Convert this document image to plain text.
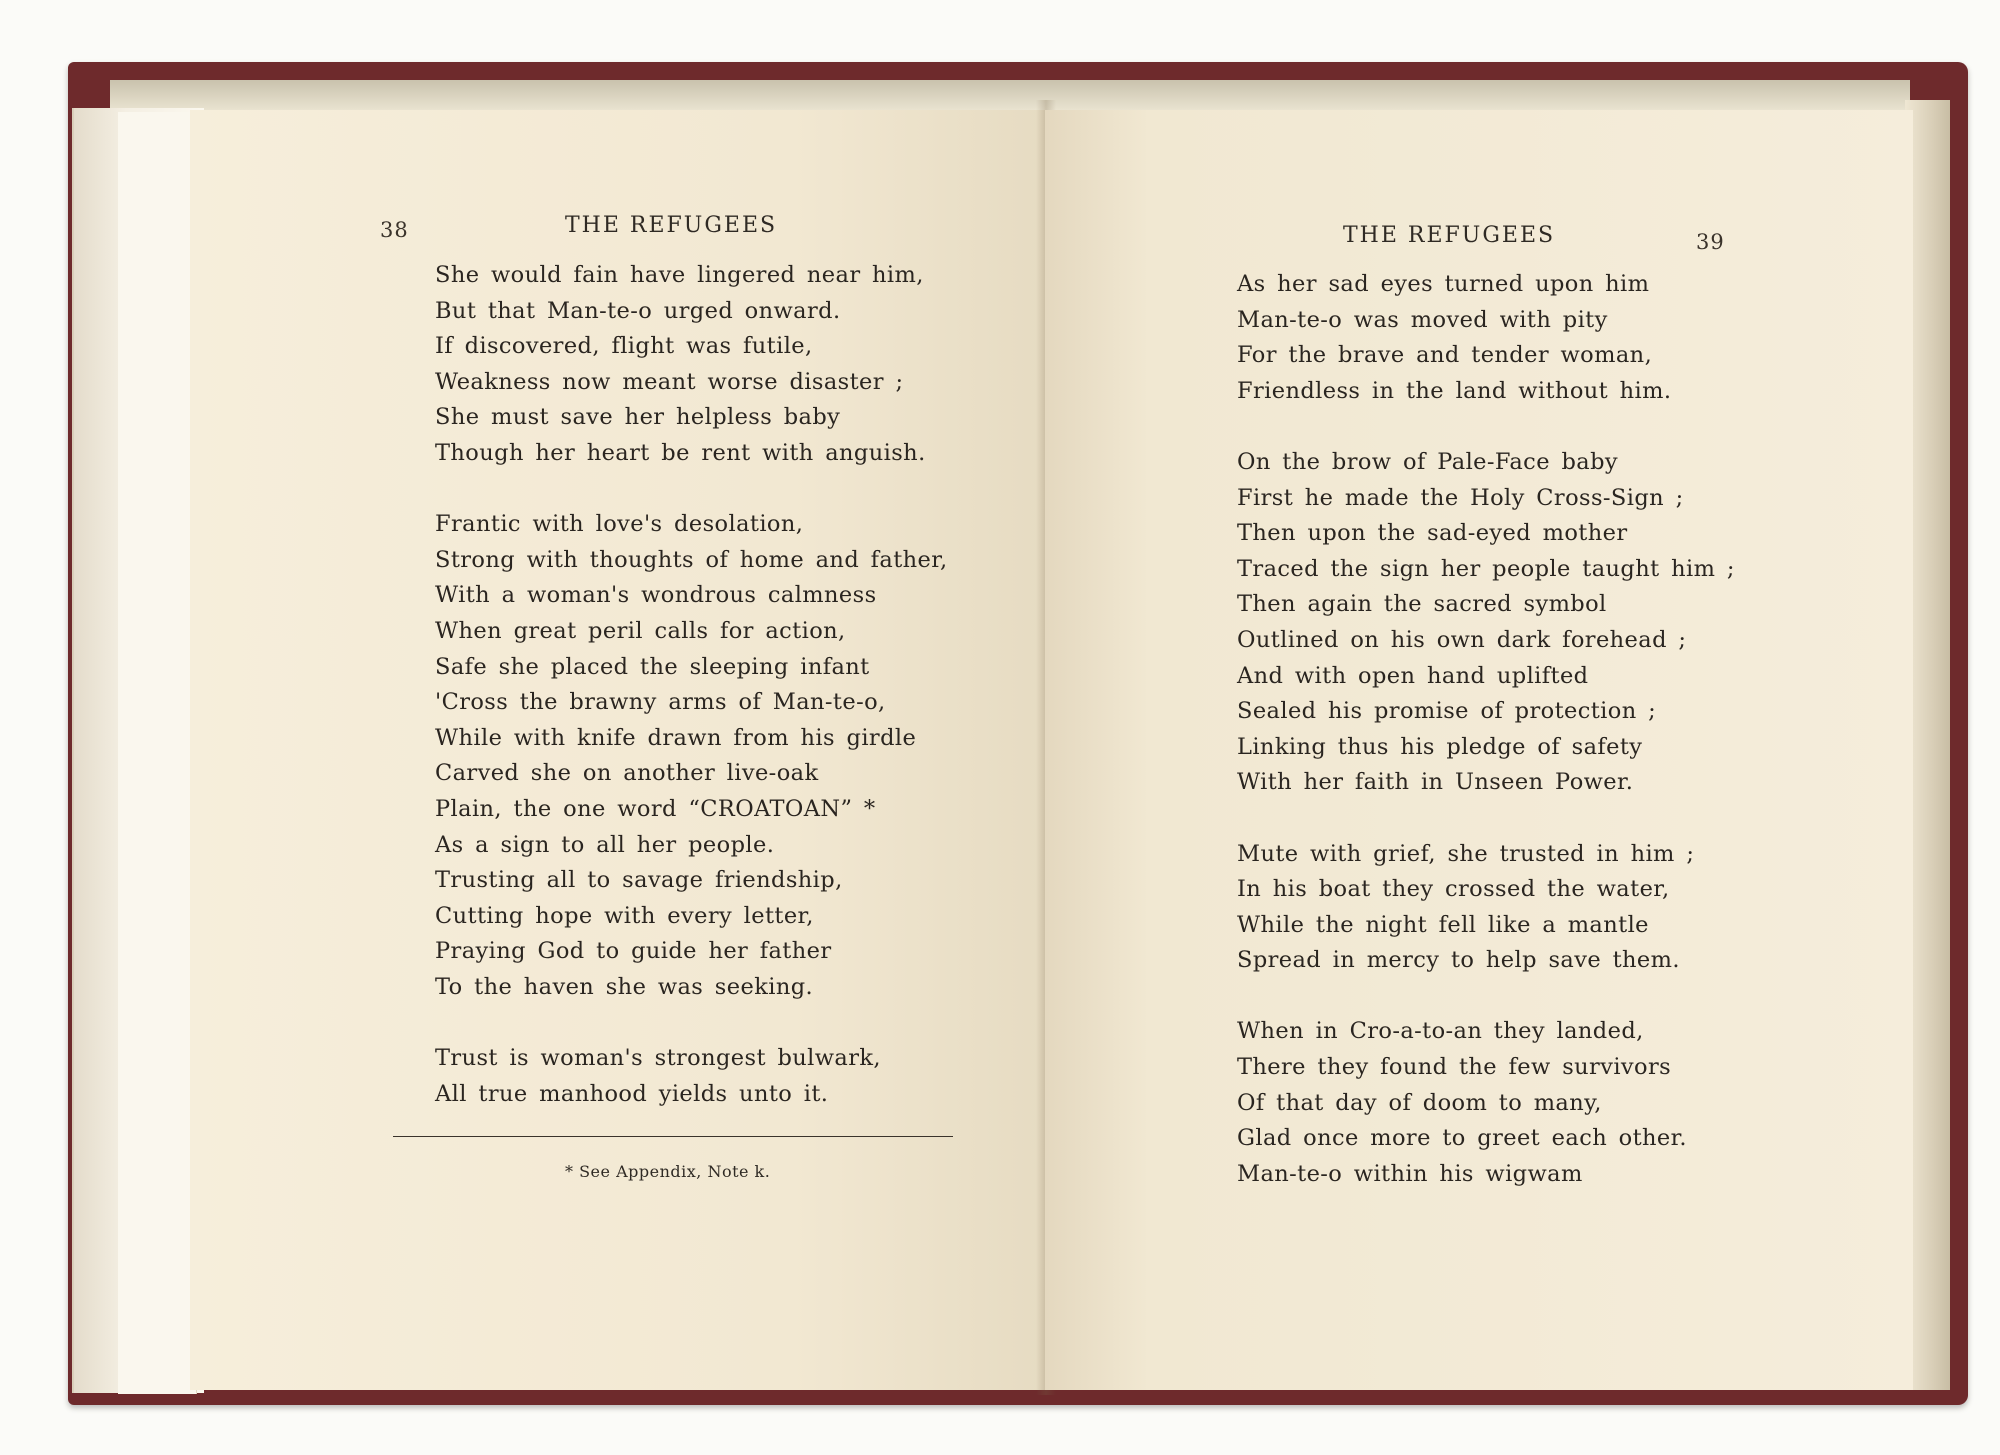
38	THE REFUGEES
She would fain have lingered near him,
But that Man-te-o urged onward.
If discovered, flight was futile,
Weakness now meant worse disaster ;
She must save her helpless baby
Though her heart be rent with anguish.
Frantic with love's desolation,
Strong with thoughts of home and father,
With a woman's wondrous calmness
When great peril calls for action,
Safe she placed the sleeping infant
'Cross the brawny arms of Man-te-o,
While with knife drawn from his girdle
Carved she on another live-oak
Plain, the one word “CROATOAN” *
As a sign to all her people.
Trusting all to savage friendship,
Cutting hope with every letter,
Praying God to guide her father
To the haven she was seeking.
Trust is woman's strongest bulwark,
All true manhood yields unto it.
* See Appendix, Note k.
THE REFUGEES	39
As her sad eyes turned upon him
Man-te-o was moved with pity
For the brave and tender woman,
Friendless in the land without him.
On the brow of Pale-Face baby
First he made the Holy Cross-Sign ;
Then upon the sad-eyed mother
Traced the sign her people taught him ;
Then again the sacred symbol
Outlined on his own dark forehead ;
And with open hand uplifted
Sealed his promise of protection ;
Linking thus his pledge of safety
With her faith in Unseen Power.
Mute with grief, she trusted in him ;
In his boat they crossed the water,
While the night fell like a mantle
Spread in mercy to help save them.
When in Cro-a-to-an they landed,
There they found the few survivors
Of that day of doom to many,
Glad once more to greet each other.
Man-te-o within his wigwam
